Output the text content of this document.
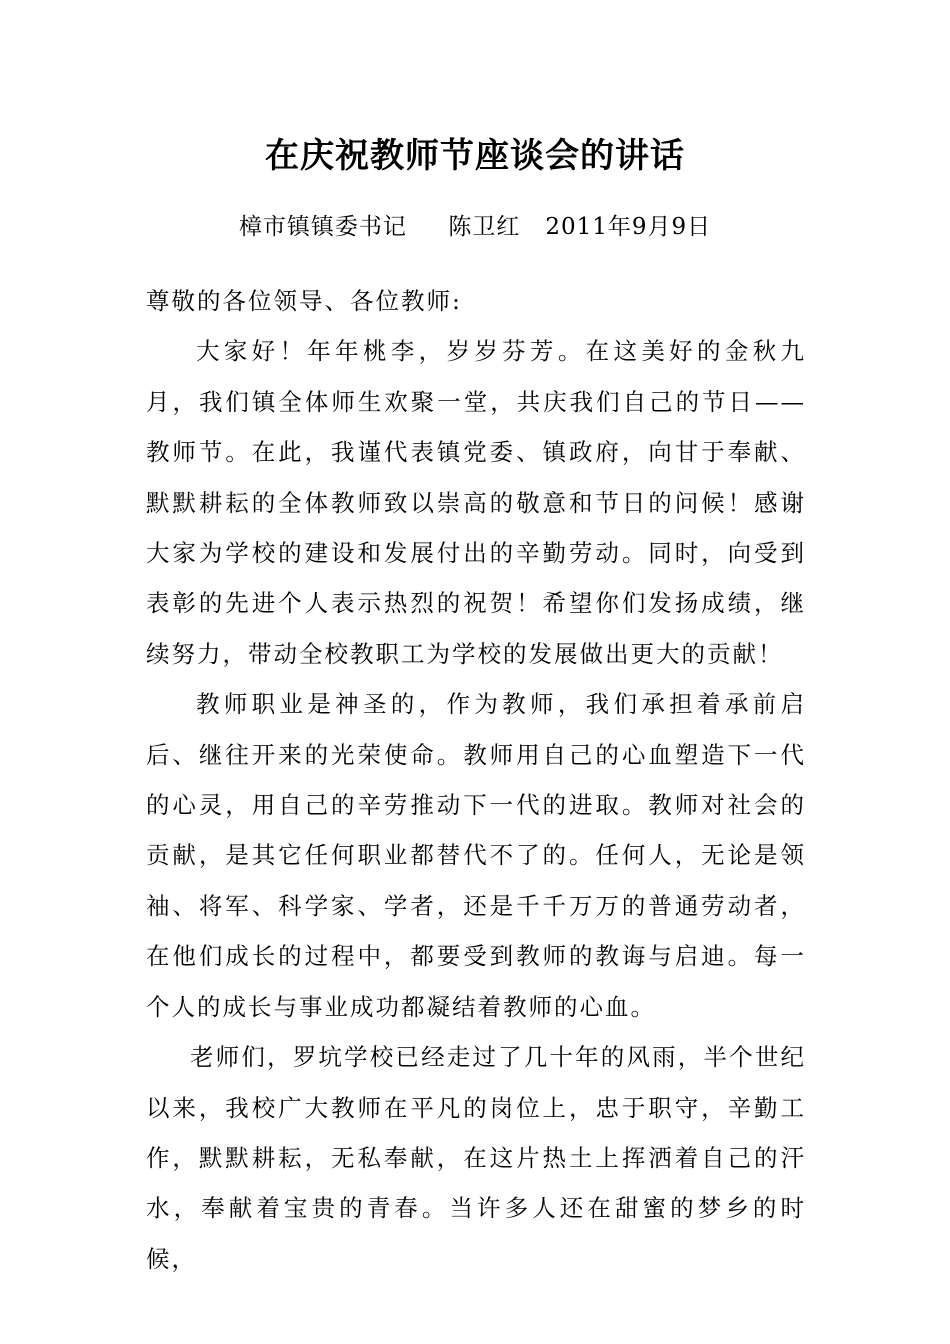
在庆祝教师节座谈会的讲话
樟市镇镇委书记     陈卫红   2011年9月9日

尊敬的各位领导、各位教师:

大家好！年年桃李，岁岁芬芳。在这美好的金秋九月，我们镇全体师生欢聚一堂，共庆我们自己的节日——教师节。在此，我谨代表镇党委、镇政府，向甘于奉献、默默耕耘的全体教师致以崇高的敬意和节日的问候！感谢大家为学校的建设和发展付出的辛勤劳动。同时，向受到表彰的先进个人表示热烈的祝贺！希望你们发扬成绩，继续努力，带动全校教职工为学校的发展做出更大的贡献！

教师职业是神圣的，作为教师，我们承担着承前启后、继往开来的光荣使命。教师用自己的心血塑造下一代的心灵，用自己的辛劳推动下一代的进取。教师对社会的贡献，是其它任何职业都替代不了的。任何人，无论是领袖、将军、科学家、学者，还是千千万万的普通劳动者，在他们成长的过程中，都要受到教师的教诲与启迪。每一个人的成长与事业成功都凝结着教师的心血。

老师们，罗坑学校已经走过了几十年的风雨，半个世纪以来，我校广大教师在平凡的岗位上，忠于职守，辛勤工作，默默耕耘，无私奉献，在这片热土上挥洒着自己的汗水，奉献着宝贵的青春。当许多人还在甜蜜的梦乡的时候，
